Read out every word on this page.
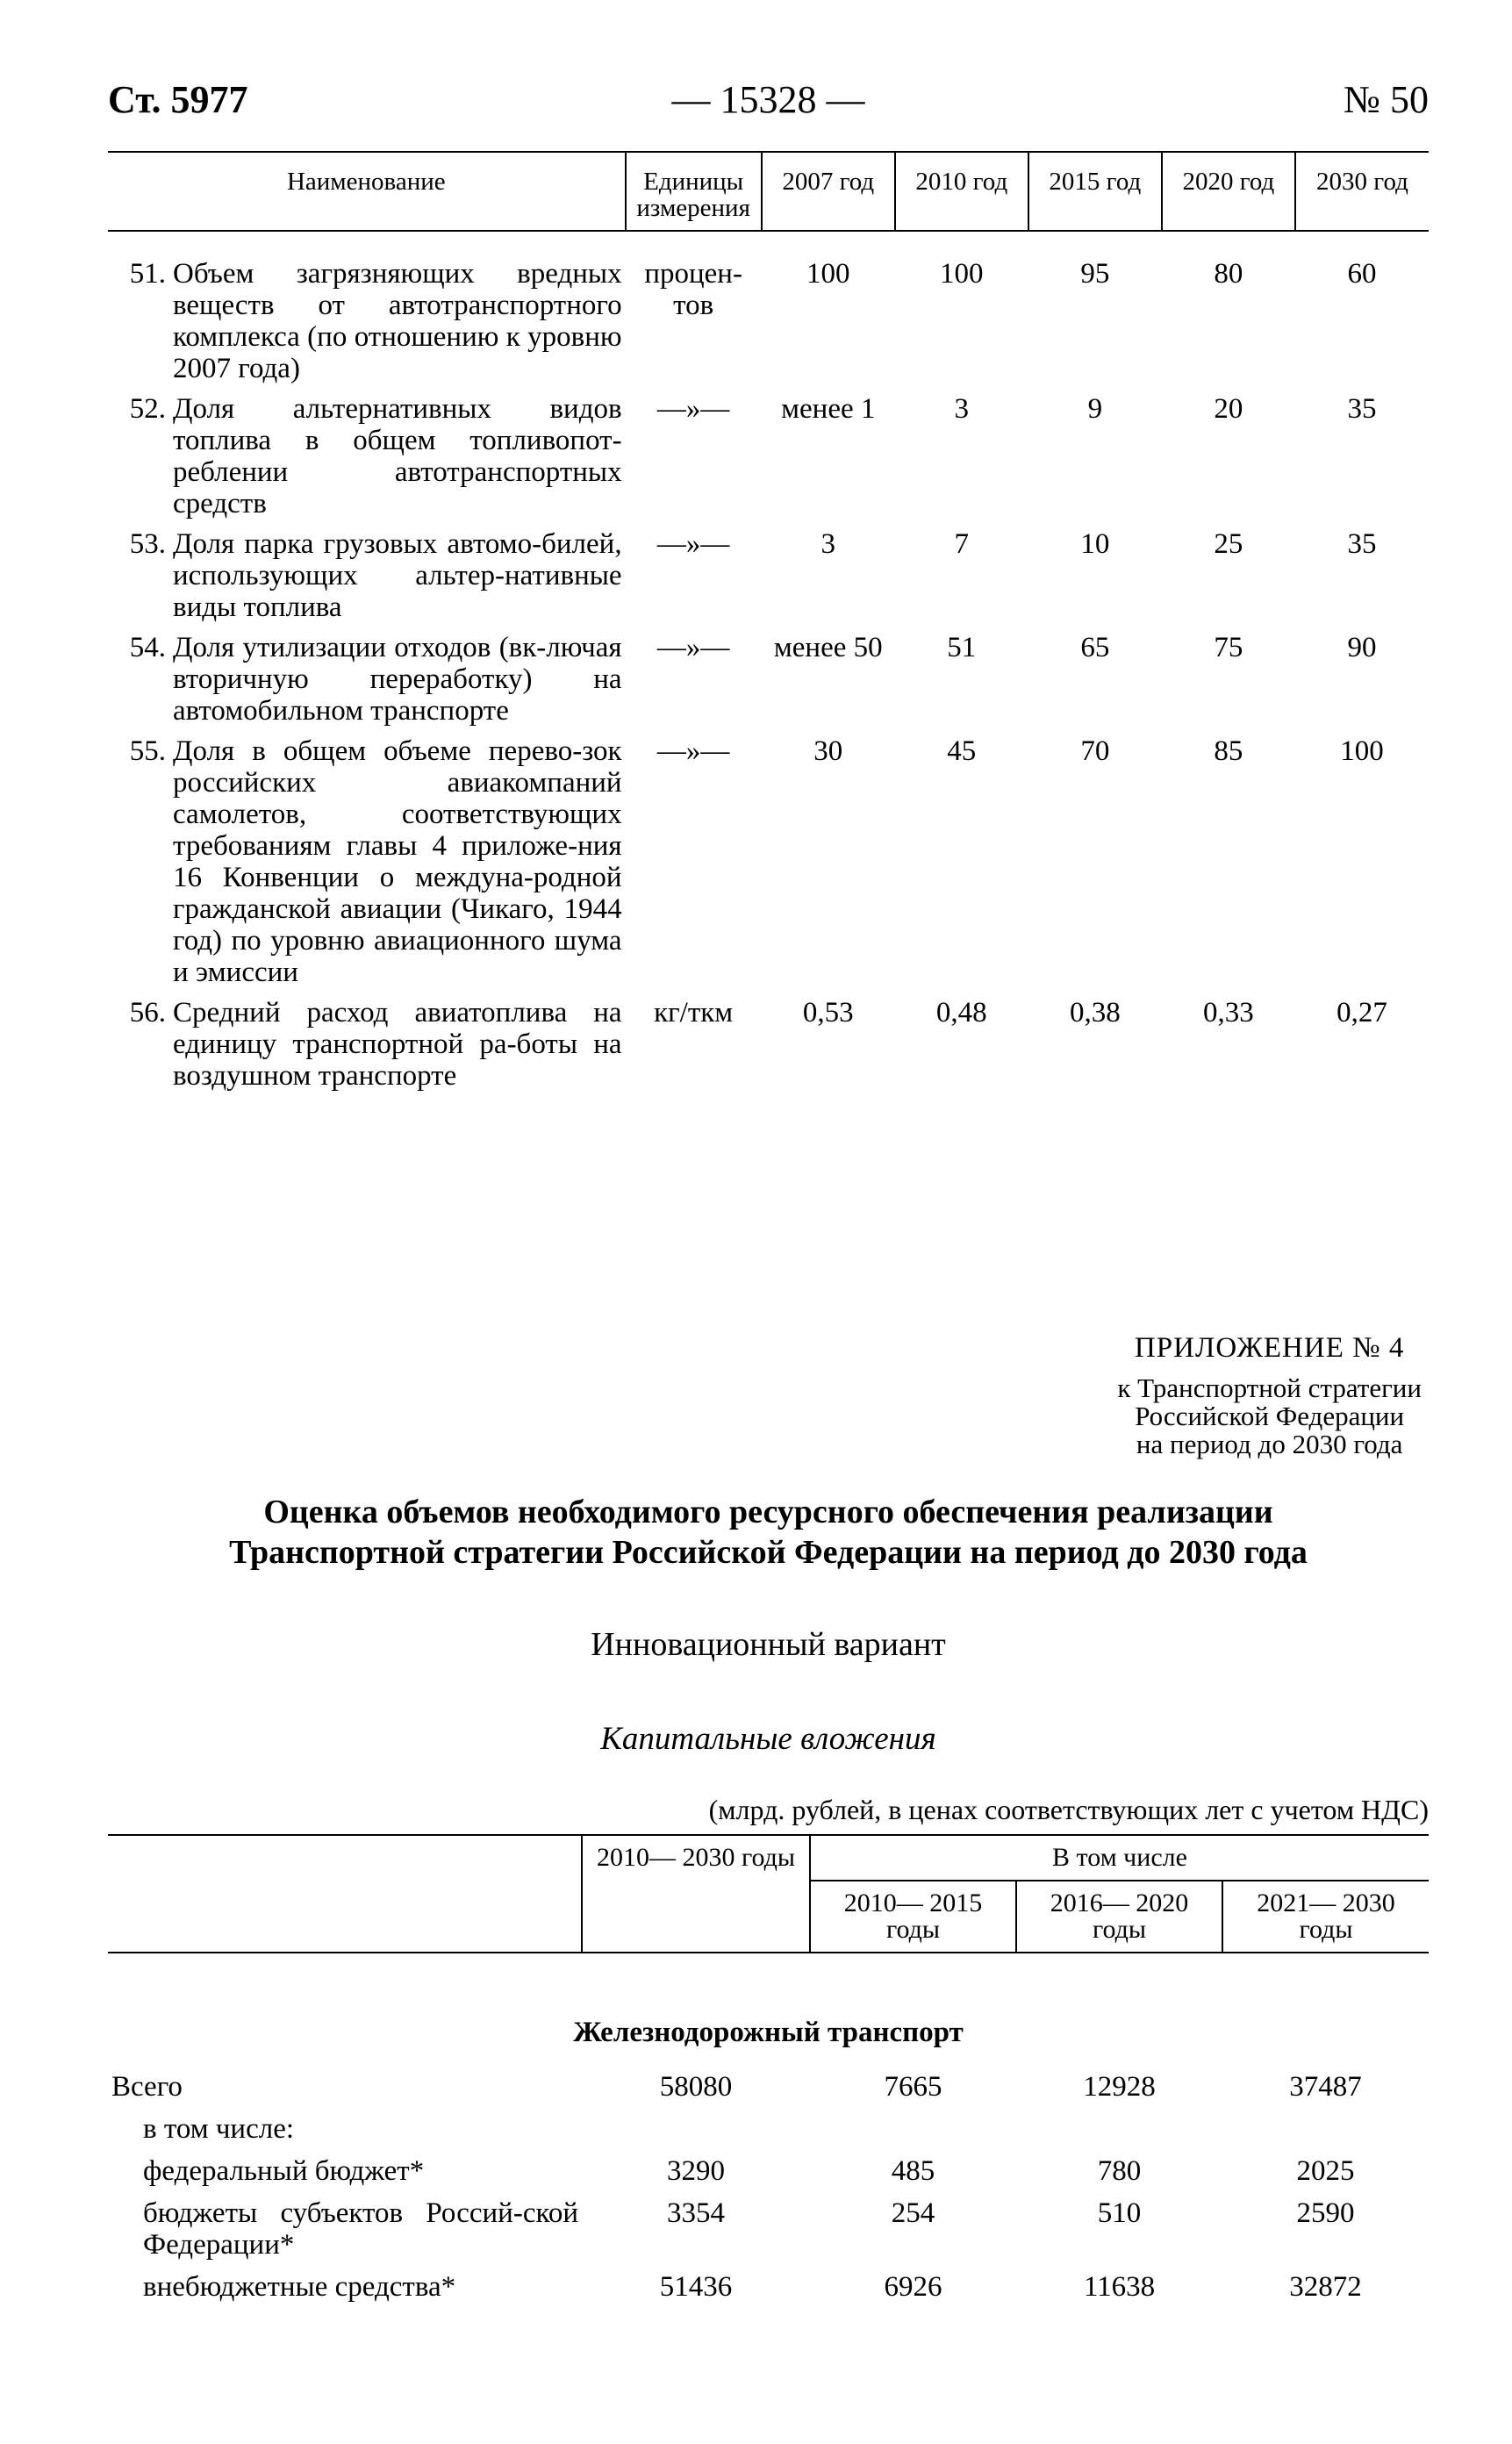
Ст. 5977	— 15328 —	№ 50
Наименование	Единицы измерения	2007 год	2010 год	2015 год	2020 год	2030 год

51. Объем загрязняющих вредных веществ от автотранспортного комплекса (по отношению к уровню 2007 года)	процен-тов	100	100	95	80	60

52. Доля альтернативных видов топлива в общем топливопот-реблении автотранспортных средств	—»—	менее 1	3	9	20	35

53. Доля парка грузовых автомо-билей, использующих альтер-нативные виды топлива	—»—	3	7	10	25	35

54. Доля утилизации отходов (вк-лючая вторичную переработку) на автомобильном транспорте	—»—	менее 50	51	65	75	90

55. Доля в общем объеме перево-зок российских авиакомпаний самолетов, соответствующих требованиям главы 4 приложе-ния 16 Конвенции о междуна-родной гражданской авиации (Чикаго, 1944 год) по уровню авиационного шума и эмиссии	—»—	30	45	70	85	100

56. Средний расход авиатоплива на единицу транспортной ра-боты на воздушном транспорте	кг/ткм	0,53	0,48	0,38	0,33	0,27
ПРИЛОЖЕНИЕ № 4
к Транспортной стратегии
Российской Федерации
на период до 2030 года
Оценка объемов необходимого ресурсного обеспечения реализации
Транспортной стратегии Российской Федерации на период до 2030 года
Инновационный вариант
Капитальные вложения
(млрд. рублей, в ценах соответствующих лет с учетом НДС)
	2010— 2030 годы	В том числе		
		2010— 2015 годы	2016— 2020 годы	2021— 2030 годы
Железнодорожный транспорт
Всего	58080	7665	12928	37487
в том числе:				
федеральный бюджет*	3290	485	780	2025
бюджеты субъектов Россий-ской Федерации*	3354	254	510	2590
внебюджетные средства*	51436	6926	11638	32872
